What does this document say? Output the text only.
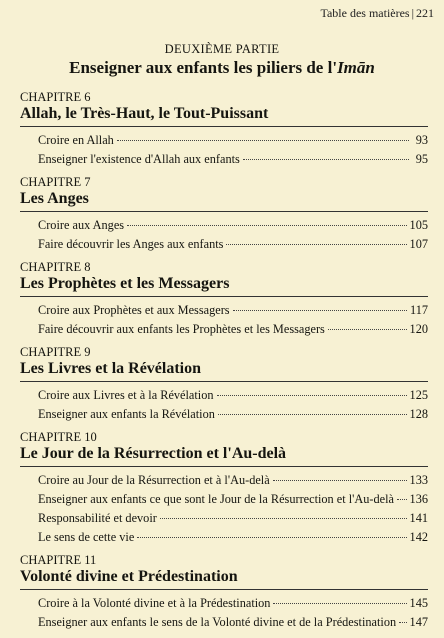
Table des matières | 221
DEUXIÈME PARTIE
Enseigner aux enfants les piliers de l'Imān
CHAPITRE 6
Allah, le Très-Haut, le Tout-Puissant
Croire en Allah	93
Enseigner l'existence d'Allah aux enfants	95
CHAPITRE 7
Les Anges
Croire aux Anges	105
Faire découvrir les Anges aux enfants	107
CHAPITRE 8
Les Prophètes et les Messagers
Croire aux Prophètes et aux Messagers	117
Faire découvrir aux enfants les Prophètes et les Messagers	120
CHAPITRE 9
Les Livres et la Révélation
Croire aux Livres et à la Révélation	125
Enseigner aux enfants la Révélation	128
CHAPITRE 10
Le Jour de la Résurrection et l'Au-delà
Croire au Jour de la Résurrection et à l'Au-delà	133
Enseigner aux enfants ce que sont le Jour de la Résurrection et l'Au-delà 136
Responsabilité et devoir	141
Le sens de cette vie	142
CHAPITRE 11
Volonté divine et Prédestination
Croire à la Volonté divine et à la Prédestination	145
Enseigner aux enfants le sens de la Volonté divine et de la Prédestination 147
